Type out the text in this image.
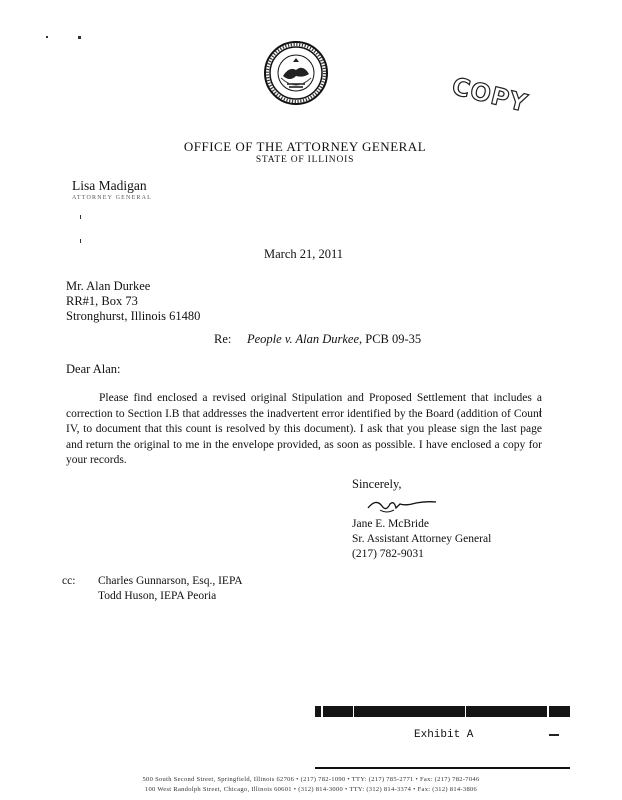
COPY
OFFICE OF THE ATTORNEY GENERAL
STATE OF ILLINOIS
Lisa Madigan
ATTORNEY GENERAL
March 21, 2011
Mr. Alan Durkee
RR#1, Box 73
Stronghurst, Illinois 61480
Re: People v. Alan Durkee, PCB 09-35
Dear Alan:
Please find enclosed a revised original Stipulation and Proposed Settlement that includes a correction to Section I.B that addresses the inadvertent error identified by the Board (addition of Count IV, to document that this count is resolved by this document). I ask that you please sign the last page and return the original to me in the envelope provided, as soon as possible. I have enclosed a copy for your records.
Sincerely,
Jane E. McBride
Sr. Assistant Attorney General
(217) 782-9031
cc: Charles Gunnarson, Esq., IEPA
Todd Huson, IEPA Peoria
Exhibit A
500 South Second Street, Springfield, Illinois 62706 • (217) 782-1090 • TTY: (217) 785-2771 • Fax: (217) 782-7046
100 West Randolph Street, Chicago, Illinois 60601 • (312) 814-3000 • TTY: (312) 814-3374 • Fax: (312) 814-3806
